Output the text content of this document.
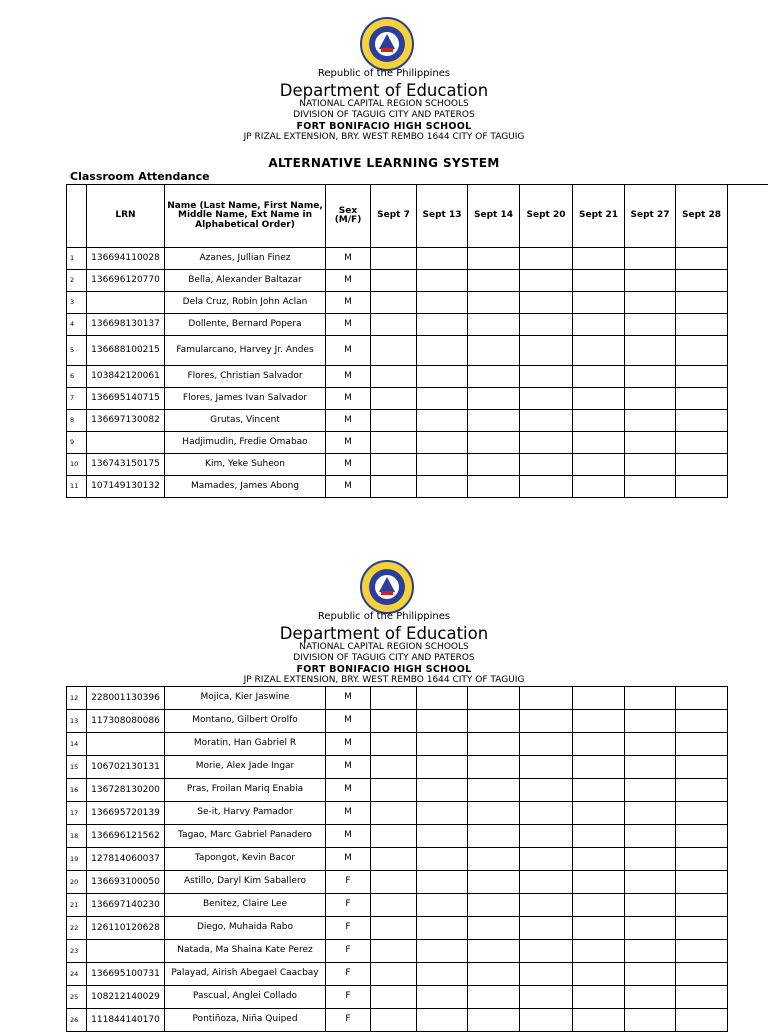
Republic of the Philippines
Department of Education
NATIONAL CAPITAL REGION SCHOOLS
DIVISION OF TAGUIG CITY AND PATEROS
FORT BONIFACIO HIGH SCHOOL
JP RIZAL EXTENSION, BRY. WEST REMBO 1644 CITY OF TAGUIG
ALTERNATIVE LEARNING SYSTEM
Classroom Attendance
	LRN	Name (Last Name, First Name, Middle Name, Ext Name in Alphabetical Order)	Sex (M/F)	Sept 7	Sept 13	Sept 14	Sept 20	Sept 21	Sept 27	Sept 28
1	136694110028	Azanes, Jullian Finez	M							
2	136696120770	Bella, Alexander Baltazar	M							
3		Dela Cruz, Robin John Aclan	M							
4	136698130137	Dollente, Bernard Popera	M							
5	136688100215	Famularcano, Harvey Jr. Andes	M							
6	103842120061	Flores, Christian Salvador	M							
7	136695140715	Flores, James Ivan Salvador	M							
8	136697130082	Grutas, Vincent	M							
9		Hadjimudin, Fredie Omabao	M							
10	136743150175	Kim, Yeke Suheon	M							
11	107149130132	Mamades, James Abong	M							
Republic of the Philippines
Department of Education
NATIONAL CAPITAL REGION SCHOOLS
DIVISION OF TAGUIG CITY AND PATEROS
FORT BONIFACIO HIGH SCHOOL
JP RIZAL EXTENSION, BRY. WEST REMBO 1644 CITY OF TAGUIG
12	228001130396	Mojica, Kier Jaswine	M							
13	117308080086	Montano, Gilbert Orolfo	M							
14		Moratin, Han Gabriel R	M							
15	106702130131	Morie, Alex Jade Ingar	M							
16	136728130200	Pras, Froilan Mariq Enabia	M							
17	136695720139	Se-it, Harvy Pamador	M							
18	136696121562	Tagao, Marc Gabriel Panadero	M							
19	127814060037	Tapongot, Kevin Bacor	M							
20	136693100050	Astillo, Daryl Kim Saballero	F							
21	136697140230	Benitez, Claire Lee	F							
22	126110120628	Diego, Muhaida Rabo	F							
23		Natada, Ma Shaina Kate Perez	F							
24	136695100731	Palayad, Airish Abegael Caacbay	F							
25	108212140029	Pascual, Anglei Collado	F							
26	111844140170	Pontiñoza, Niña Quiped	F							
